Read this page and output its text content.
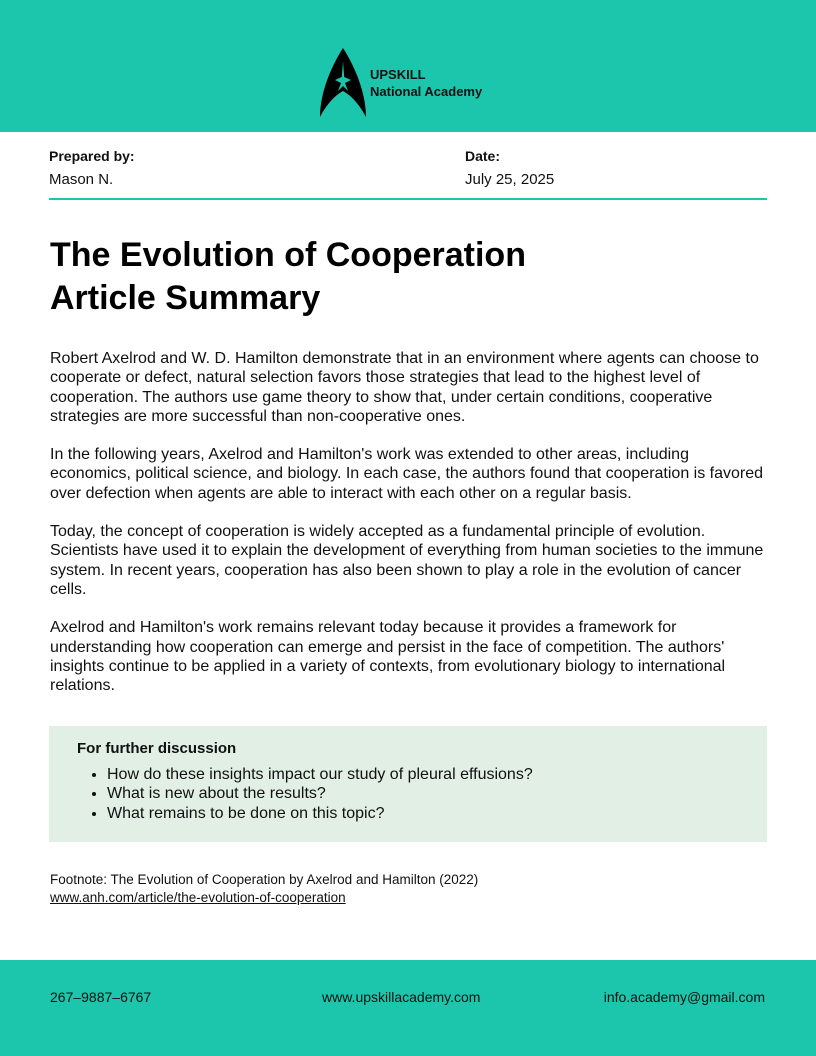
UPSKILL
National Academy
Prepared by:
Mason N.
Date:
July 25, 2025
The Evolution of Cooperation
Article Summary

Robert Axelrod and W. D. Hamilton demonstrate that in an environment where agents can choose to cooperate or defect, natural selection favors those strategies that lead to the highest level of cooperation. The authors use game theory to show that, under certain conditions, cooperative strategies are more successful than non-cooperative ones.

In the following years, Axelrod and Hamilton's work was extended to other areas, including economics, political science, and biology. In each case, the authors found that cooperation is favored over defection when agents are able to interact with each other on a regular basis.

Today, the concept of cooperation is widely accepted as a fundamental principle of evolution. Scientists have used it to explain the development of everything from human societies to the immune system. In recent years, cooperation has also been shown to play a role in the evolution of cancer cells.

Axelrod and Hamilton's work remains relevant today because it provides a framework for understanding how cooperation can emerge and persist in the face of competition. The authors' insights continue to be applied in a variety of contexts, from evolutionary biology to international relations.

For further discussion
• How do these insights impact our study of pleural effusions?
• What is new about the results?
• What remains to be done on this topic?
Footnote: The Evolution of Cooperation by Axelrod and Hamilton (2022)
www.anh.com/article/the-evolution-of-cooperation
267–9887–6767	www.upskillacademy.com	info.academy@gmail.com
